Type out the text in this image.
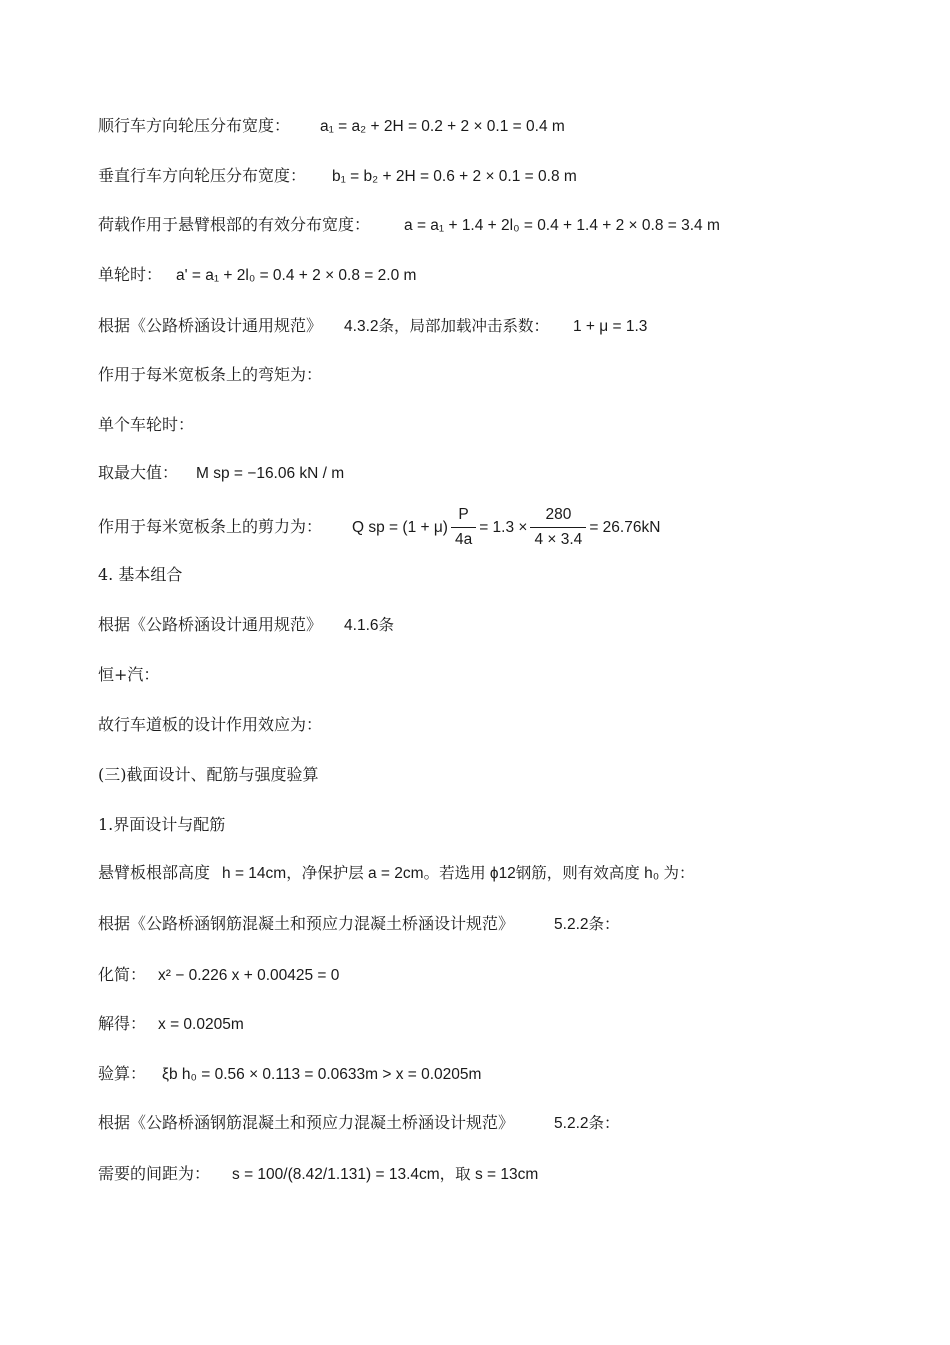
顺行车方向轮压分布宽度： a₁ = a₂ + 2H = 0.2 + 2 × 0.1 = 0.4 m
垂直行车方向轮压分布宽度： b₁ = b₂ + 2H = 0.6 + 2 × 0.1 = 0.8 m
荷载作用于悬臂根部的有效分布宽度： a = a₁ + 1.4 + 2l₀ = 0.4 + 1.4 + 2 × 0.8 = 3.4 m
单轮时： a' = a₁ + 2l₀ = 0.4 + 2 × 0.8 = 2.0 m
根据《公路桥涵设计通用规范》 4.3.2条，局部加载冲击系数： 1 + μ = 1.3
作用于每米宽板条上的弯矩为：
单个车轮时：
取最大值： M sp = −16.06 kN / m
作用于每米宽板条上的剪力为： Q sp = $(1 + \mu) \frac{P}{4a} = 1.3 \times \frac{280}{4 \times 3.4} = 26.76kN$
4. 基本组合
根据《公路桥涵设计通用规范》 4.1.6条
恒+汽：
故行车道板的设计作用效应为：
(三)截面设计、配筋与强度验算
1.界面设计与配筋
悬臂板根部高度 h = 14cm，净保护层 a = 2cm。若选用 ϕ12钢筋，则有效高度 h₀ 为：
根据《公路桥涵钢筋混凝土和预应力混凝土桥涵设计规范》	5.2.2条：
化简： x² − 0.226 x + 0.00425 = 0
解得： x = 0.0205m
验算： ξb h₀ = 0.56 × 0.113 = 0.0633m > x = 0.0205m
根据《公路桥涵钢筋混凝土和预应力混凝土桥涵设计规范》	5.2.2条：
需要的间距为： s = 100/(8.42/1.131) = 13.4cm，取 s = 13cm
